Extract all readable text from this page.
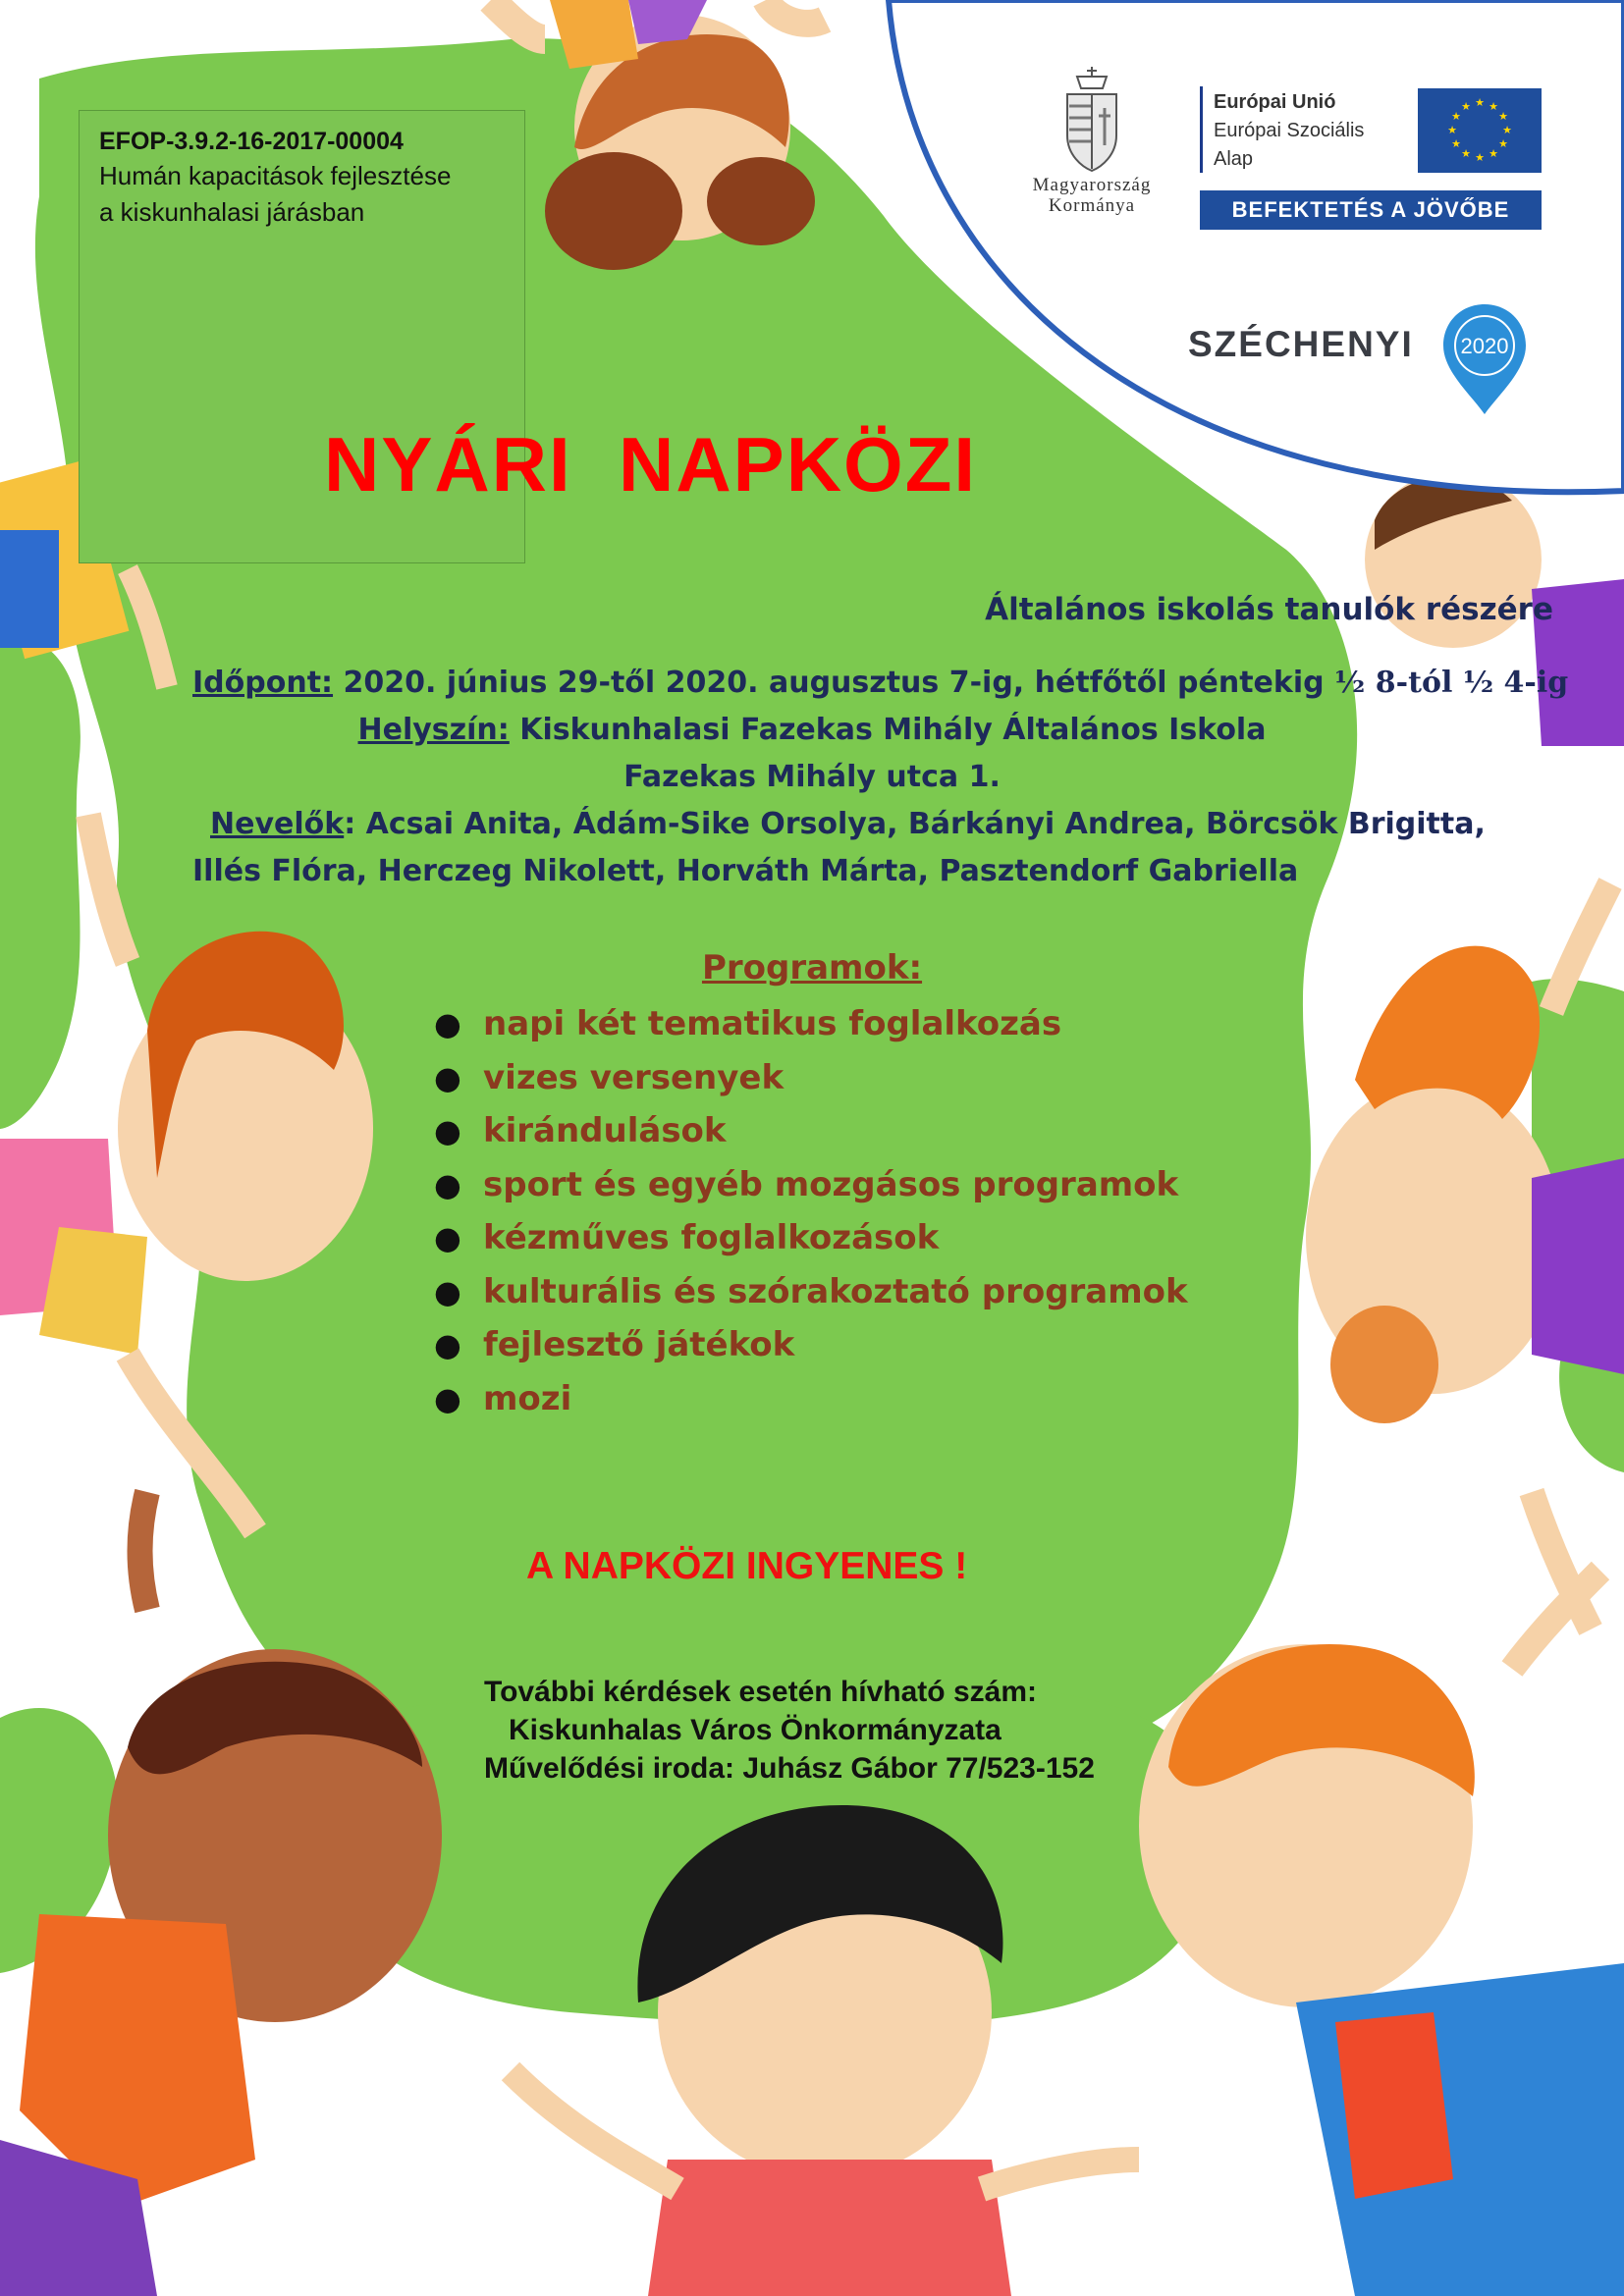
EFOP-3.9.2-16-2017-00004
Humán kapacitások fejlesztése
a kiskunhalasi járásban
NYÁRI  NAPKÖZI
Magyarország
Kormánya
Európai Unió
Európai Szociális
Alap
★ ★
★
★
★
★
★
★
★
★
★
★
BEFEKTETÉS A JÖVŐBE
SZÉCHENYI 2020
Általános iskolás tanulók részére
Időpont: 2020. június 29-től 2020. augusztus 7-ig, hétfőtől péntekig ½ 8-tól ½ 4-ig
Helyszín: Kiskunhalasi Fazekas Mihály Általános Iskola
Fazekas Mihály utca 1.
Nevelők: Acsai Anita, Ádám-Sike Orsolya, Bárkányi Andrea, Börcsök Brigitta,
Illés Flóra, Herczeg Nikolett, Horváth Márta, Pasztendorf Gabriella
Programok:
● napi két tematikus foglalkozás
● vizes versenyek
● kirándulások
● sport és egyéb mozgásos programok
● kézműves foglalkozások
● kulturális és szórakoztató programok
● fejlesztő játékok
● mozi
A NAPKÖZI INGYENES !
További kérdések esetén hívható szám:
Kiskunhalas Város Önkormányzata
Művelődési iroda: Juhász Gábor 77/523-152
